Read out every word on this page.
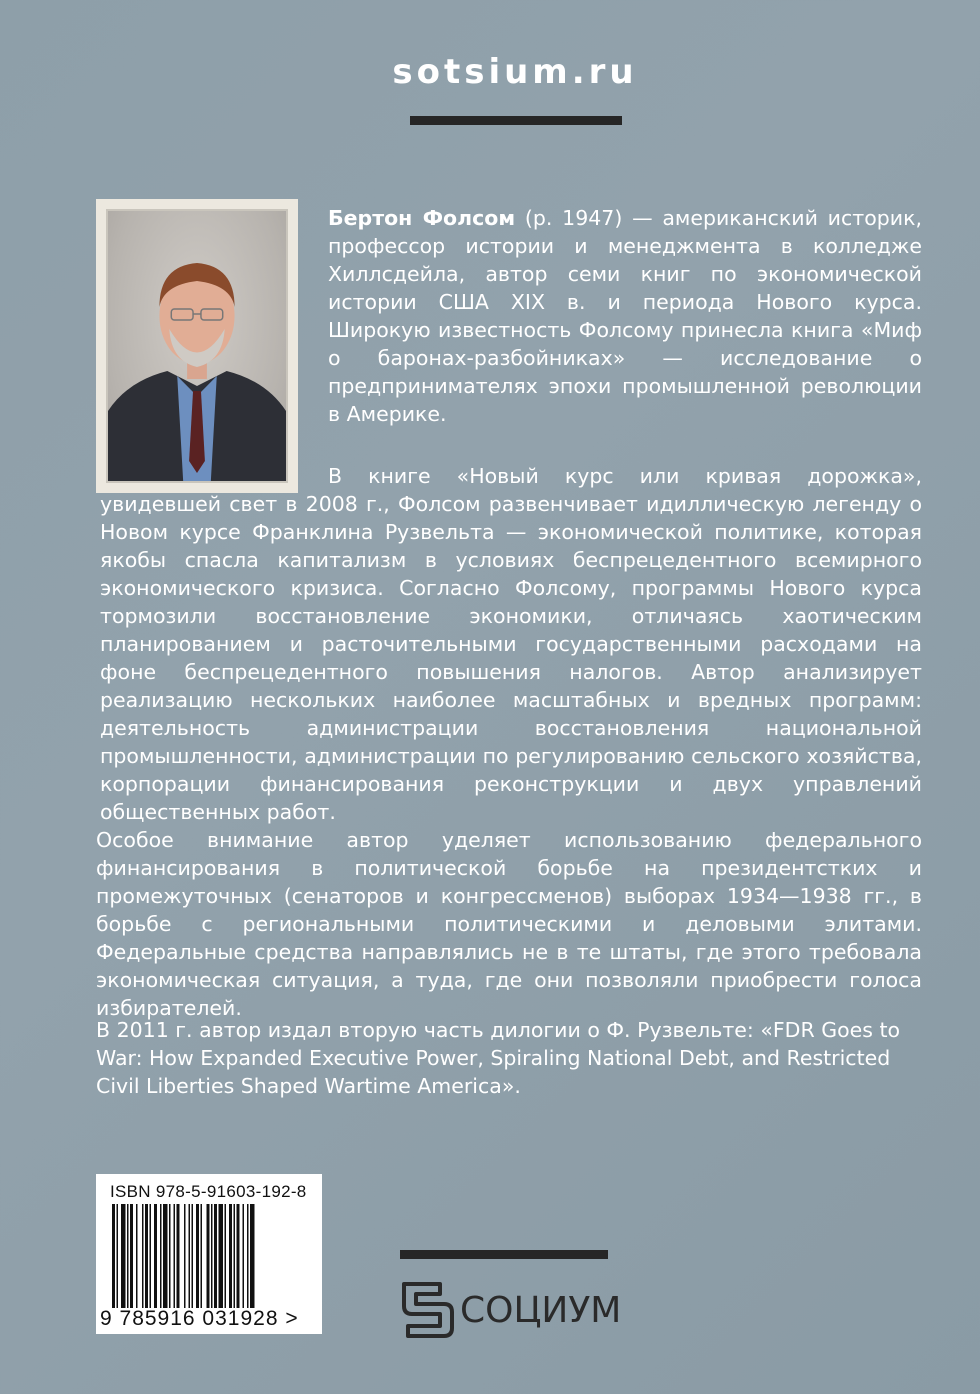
sotsium.ru
Бертон Фолсом (р. 1947) — американский историк, профессор истории и менеджмента в колледже Хиллсдейла, автор семи книг по экономической истории США XIX в. и периода Нового курса. Широкую известность Фолсому принесла книга «Миф о баронах-разбойниках» — исследование о предпринимателях эпохи промышленной революции в Америке.
В книге «Новый курс или кривая дорожка», увидевшей свет в 2008 г., Фолсом развенчивает идиллическую легенду о Новом курсе Франклина Рузвельта — экономической политике, которая якобы спасла капитализм в условиях беспрецедентного всемирного экономического кризиса. Согласно Фолсому, программы Нового курса тормозили восстановление экономики, отличаясь хаотическим планированием и расточительными государственными расходами на фоне беспрецедентного повышения налогов. Автор анализирует реализацию нескольких наиболее масштабных и вредных программ: деятельность администрации восстановления национальной промышленности, администрации по регулированию сельского хозяйства, корпорации финансирования реконструкции и двух управлений общественных работ.
Особое внимание автор уделяет использованию федерального финансирования в политической борьбе на президентстких и промежуточных (сенаторов и конгрессменов) выборах 1934—1938 гг., в борьбе с региональными политическими и деловыми элитами. Федеральные средства направлялись не в те штаты, где этого требовала экономическая ситуация, а туда, где они позволяли приобрести голоса избирателей.
В 2011 г. автор издал вторую часть дилогии о Ф. Рузвельте: «FDR Goes to War: How Expanded Executive Power, Spiraling National Debt, and Restricted Civil Liberties Shaped Wartime America».
ISBN 978-5-91603-192-8
9 785916 031928 >	СОЦИУМ
